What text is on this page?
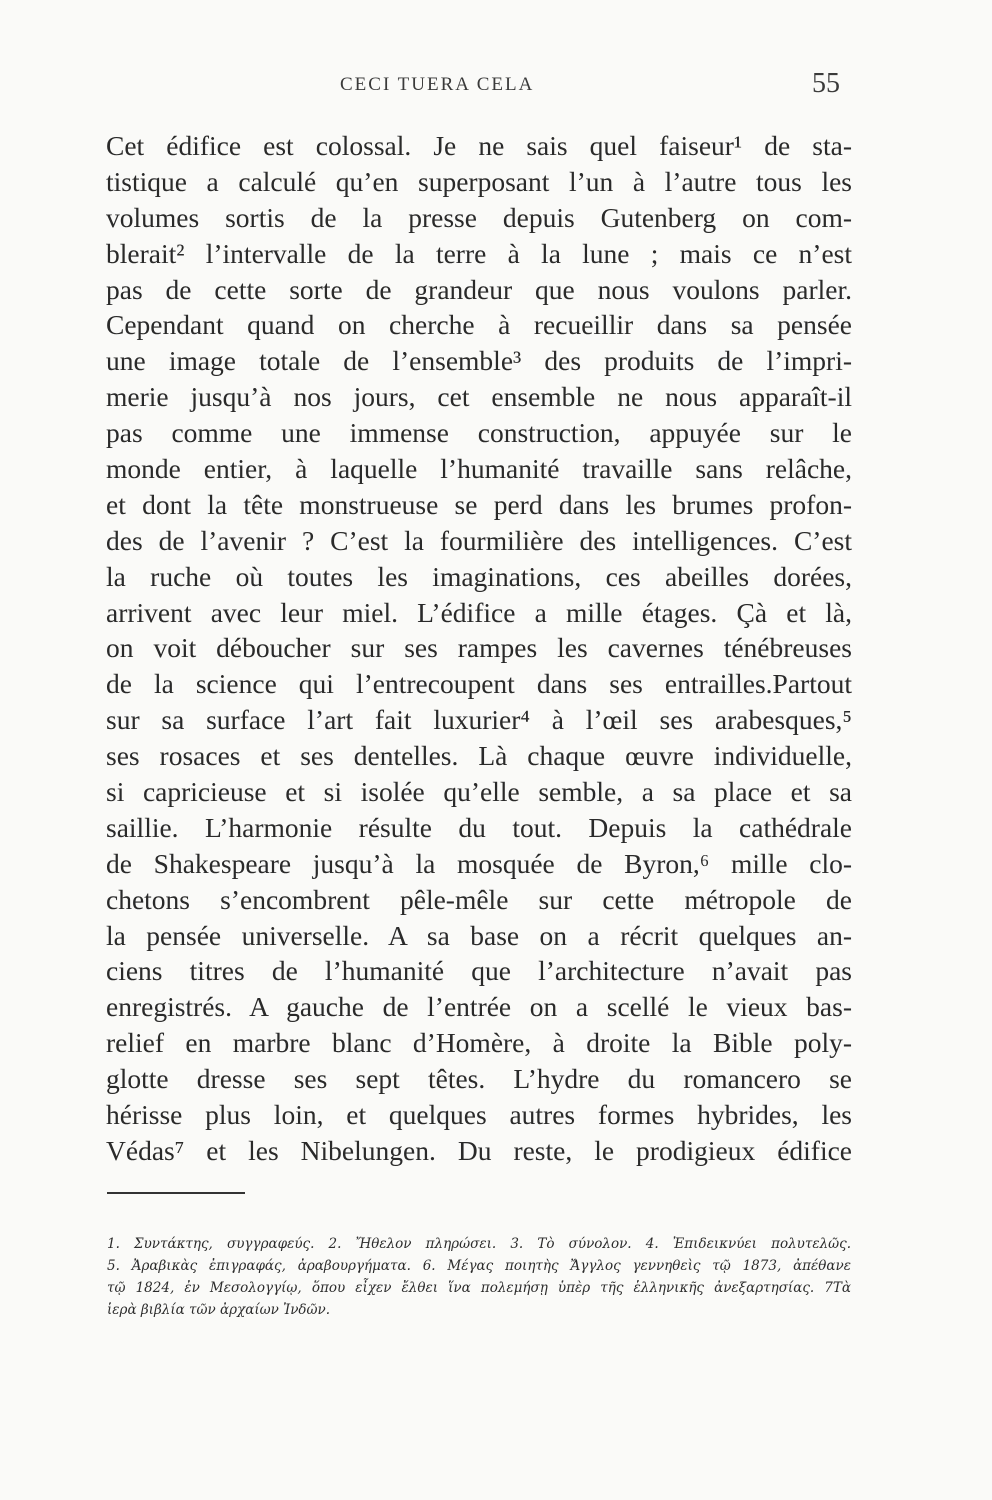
CECI TUERA CELA	55
Cet édifice est colossal. Je ne sais quel faiseur¹ de sta-
tistique a calculé qu’en superposant l’un à l’autre tous les
volumes sortis de la presse depuis Gutenberg on com-
blerait² l’intervalle de la terre à la lune ; mais ce n’est
pas de cette sorte de grandeur que nous voulons parler.
Cependant quand on cherche à recueillir dans sa pensée
une image totale de l’ensemble³ des produits de l’impri-
merie jusqu’à nos jours, cet ensemble ne nous apparaît-il
pas comme une immense construction, appuyée sur le
monde entier, à laquelle l’humanité travaille sans relâche,
et dont la tête monstrueuse se perd dans les brumes profon-
des de l’avenir ? C’est la fourmilière des intelligences. C’est
la ruche où toutes les imaginations, ces abeilles dorées,
arrivent avec leur miel. L’édifice a mille étages. Çà et là,
on voit déboucher sur ses rampes les cavernes ténébreuses
de la science qui l’entrecoupent dans ses entrailles.Partout
sur sa surface l’art fait luxurier⁴ à l’œil ses arabesques,⁵
ses rosaces et ses dentelles. Là chaque œuvre individuelle,
si capricieuse et si isolée qu’elle semble, a sa place et sa
saillie. L’harmonie résulte du tout. Depuis la cathédrale
de Shakespeare jusqu’à la mosquée de Byron,⁶ mille clo-
chetons s’encombrent pêle-mêle sur cette métropole de
la pensée universelle. A sa base on a récrit quelques an-
ciens titres de l’humanité que l’architecture n’avait pas
enregistrés. A gauche de l’entrée on a scellé le vieux bas-
relief en marbre blanc d’Homère, à droite la Bible poly-
glotte dresse ses sept têtes. L’hydre du romancero se
hérisse plus loin, et quelques autres formes hybrides, les
Védas⁷ et les Nibelungen. Du reste, le prodigieux édifice
1. Συντάκτης, συγγραφεύς. 2. Ἤθελον πληρώσει. 3. Τὸ σύνολον. 4. Ἐπιδεικνύει πολυτελῶς.
5. Ἀραβικὰς ἐπιγραφάς, ἀραβουργήματα. 6. Μέγας ποιητὴς Ἄγγλος γεννηθεὶς τῷ 1873, ἀπέθανε
τῷ 1824, ἐν Μεσολογγίῳ, ὅπου εἶχεν ἔλθει ἵνα πολεμήσῃ ὑπὲρ τῆς ἑλληνικῆς ἀνεξαρτησίας. 7Τὰ
ἱερὰ βιβλία τῶν ἀρχαίων Ἰνδῶν.
